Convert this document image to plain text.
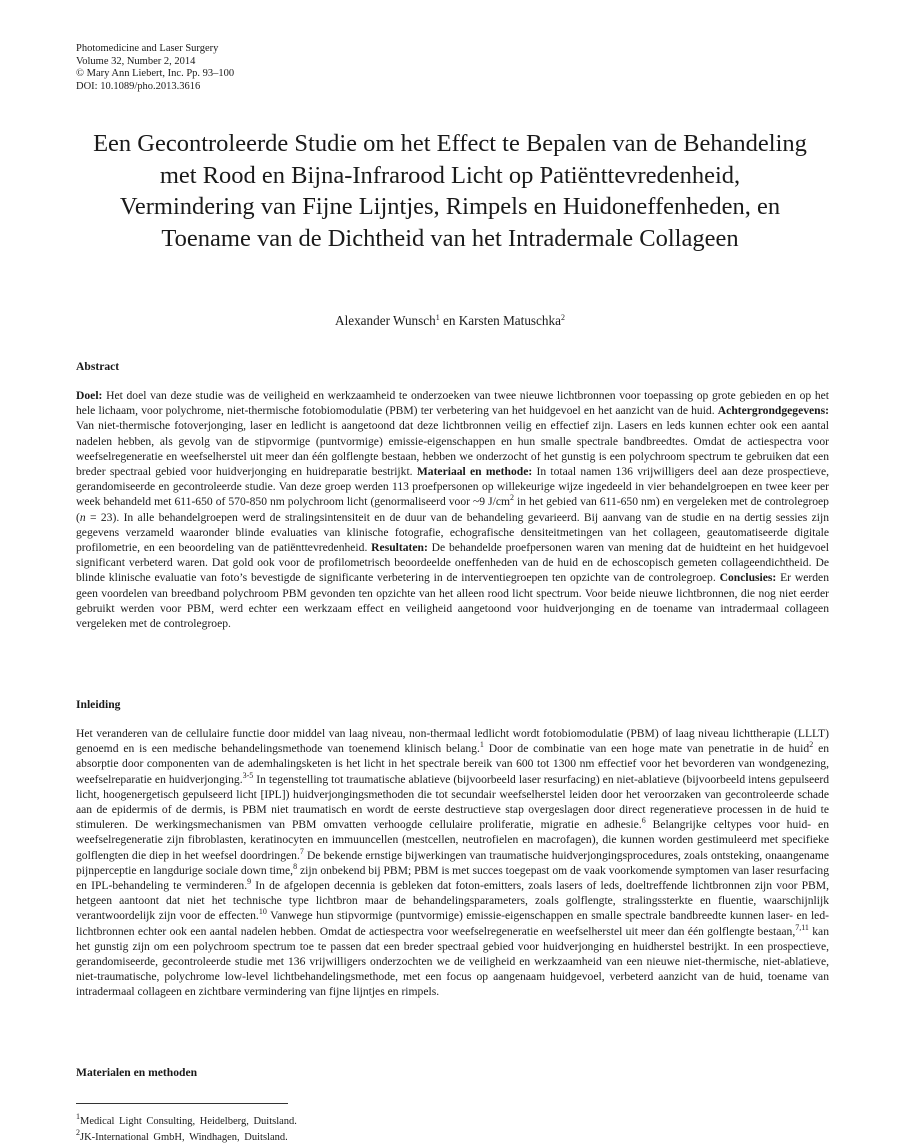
Photomedicine and Laser Surgery
Volume 32, Number 2, 2014
© Mary Ann Liebert, Inc. Pp. 93–100
DOI: 10.1089/pho.2013.3616
Een Gecontroleerde Studie om het Effect te Bepalen van de Behandeling met Rood en Bijna-Infrarood Licht op Patiënttevredenheid, Vermindering van Fijne Lijntjes, Rimpels en Huidoneffenheden, en Toename van de Dichtheid van het Intradermale Collageen
Alexander Wunsch$^1$ en Karsten Matuschka$^2$
Abstract
Doel: Het doel van deze studie was de veiligheid en werkzaamheid te onderzoeken van twee nieuwe lichtbronnen voor toepassing op grote gebieden en op het hele lichaam, voor polychrome, niet-thermische fotobiomodulatie (PBM) ter verbetering van het huidgevoel en het aanzicht van de huid. Achtergrondgegevens: Van niet-thermische fotoverjonging, laser en ledlicht is aangetoond dat deze lichtbronnen veilig en effectief zijn. Lasers en leds kunnen echter ook een aantal nadelen hebben, als gevolg van de stipvormige (puntvormige) emissie-eigenschappen en hun smalle spectrale bandbreedtes. Omdat de actiespectra voor weefselregeneratie en weefselherstel uit meer dan één golflengte bestaan, hebben we onderzocht of het gunstig is een polychroom spectrum te gebruiken dat een breder spectraal gebied voor huidverjonging en huidreparatie bestrijkt. Materiaal en methode: In totaal namen 136 vrijwilligers deel aan deze prospectieve, gerandomiseerde en gecontroleerde studie. Van deze groep werden 113 proefpersonen op willekeurige wijze ingedeeld in vier behandelgroepen en twee keer per week behandeld met 611-650 of 570-850 nm polychroom licht (genormaliseerd voor ~9 $J/cm^2$ in het gebied van 611-650 nm) en vergeleken met de controlegroep (n = 23). In alle behandelgroepen werd de stralingsintensiteit en de duur van de behandeling gevarieerd. Bij aanvang van de studie en na dertig sessies zijn gegevens verzameld waaronder blinde evaluaties van klinische fotografie, echografische densiteitmetingen van het collageen, geautomatiseerde digitale profilometrie, en een beoordeling van de patiënttevredenheid. Resultaten: De behandelde proefpersonen waren van mening dat de huidteint en het huidgevoel significant verbeterd waren. Dat gold ook voor de profilometrisch beoordeelde oneffenheden van de huid en de echoscopisch gemeten collageendichtheid. De blinde klinische evaluatie van foto’s bevestigde de significante verbetering in de interventiegroepen ten opzichte van de controlegroep. Conclusies: Er werden geen voordelen van breedband polychroom PBM gevonden ten opzichte van het alleen rood licht spectrum. Voor beide nieuwe lichtbronnen, die nog niet eerder gebruikt werden voor PBM, werd echter een werkzaam effect en veiligheid aangetoond voor huidverjonging en de toename van intradermaal collageen vergeleken met de controlegroep.
Inleiding
Het veranderen van de cellulaire functie door middel van laag niveau, non-thermaal ledlicht wordt fotobiomodulatie (PBM) of laag niveau lichttherapie (LLLT) genoemd en is een medische behandelingsmethode van toenemend klinisch belang.$^1$ Door de combinatie van een hoge mate van penetratie in de huid$^2$ en absorptie door componenten van de ademhalingsketen is het licht in het spectrale bereik van 600 tot 1300 nm effectief voor het bevorderen van wondgenezing, weefselreparatie en huidverjonging.$^{3-5}$ In tegenstelling tot traumatische ablatieve (bijvoorbeeld laser resurfacing) en niet-ablatieve (bijvoorbeeld intens gepulseerd licht, hoogenergetisch gepulseerd licht [IPL]) huidverjongingsmethoden die tot secundair weefselherstel leiden door het veroorzaken van gecontroleerde schade aan de epidermis of de dermis, is PBM niet traumatisch en wordt de eerste destructieve stap overgeslagen door direct regeneratieve processen in de huid te stimuleren. De werkingsmechanismen van PBM omvatten verhoogde cellulaire proliferatie, migratie en adhesie.$^6$ Belangrijke celtypes voor huid- en weefselregeneratie zijn fibroblasten, keratinocyten en immuuncellen (mestcellen, neutrofielen en macrofagen), die kunnen worden gestimuleerd met specifieke golflengten die diep in het weefsel doordringen.$^7$ De bekende ernstige bijwerkingen van traumatische huidverjongingsprocedures, zoals ontsteking, onaangename pijnperceptie en langdurige sociale down time,$^8$ zijn onbekend bij PBM; PBM is met succes toegepast om de vaak voorkomende symptomen van laser resurfacing en IPL-behandeling te verminderen.$^9$ In de afgelopen decennia is gebleken dat foton-emitters, zoals lasers of leds, doeltreffende lichtbronnen zijn voor PBM, hetgeen aantoont dat niet het technische type lichtbron maar de behandelingsparameters, zoals golflengte, stralingssterkte en fluentie, waarschijnlijk verantwoordelijk zijn voor de effecten.$^{10}$ Vanwege hun stipvormige (puntvormige) emissie-eigenschappen en smalle spectrale bandbreedte kunnen laser- en led-lichtbronnen echter ook een aantal nadelen hebben. Omdat de actiespectra voor weefselregeneratie en weefselherstel uit meer dan één golflengte bestaan,$^{7,11}$ kan het gunstig zijn om een polychroom spectrum toe te passen dat een breder spectraal gebied voor huidverjonging en huidherstel bestrijkt. In een prospectieve, gerandomiseerde, gecontroleerde studie met 136 vrijwilligers onderzochten we de veiligheid en werkzaamheid van een nieuwe niet-thermische, niet-ablatieve, niet-traumatische, polychrome low-level lichtbehandelingsmethode, met een focus op aangenaam huidgevoel, verbeterd aanzicht van de huid, toename van intradermaal collageen en zichtbare vermindering van fijne lijntjes en rimpels.
Materialen en methoden
$^1$Medical Light Consulting, Heidelberg, Duitsland.
$^2$JK-International GmbH, Windhagen, Duitsland.
